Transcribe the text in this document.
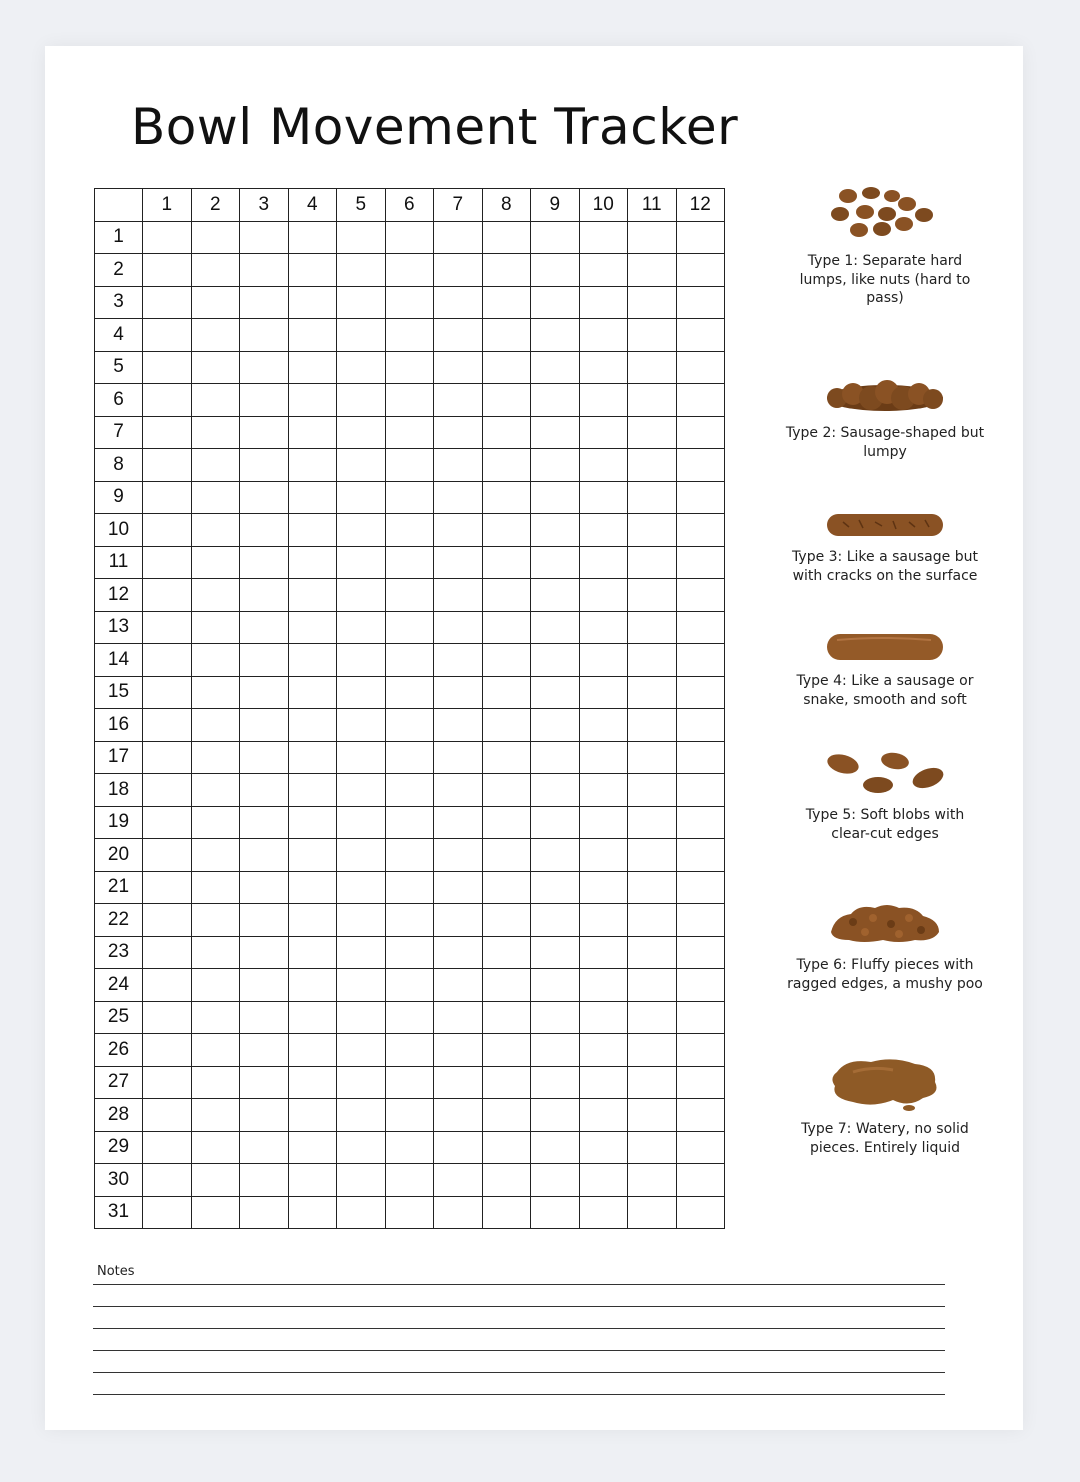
Bowl Movement Tracker
	1	2	3	4	5	6	7	8	9	10	11	12
1												
2												
3												
4												
5												
6												
7												
8												
9												
10												
11												
12												
13												
14												
15												
16												
17												
18												
19												
20												
21												
22												
23												
24												
25												
26												
27												
28												
29												
30												
31												
Type 1: Separate hard lumps, like nuts (hard to pass)
Type 2: Sausage-shaped but lumpy
Type 3: Like a sausage but with cracks on the surface
Type 4: Like a sausage or snake, smooth and soft
Type 5: Soft blobs with clear-cut edges
Type 6: Fluffy pieces with ragged edges, a mushy poo
Type 7: Watery, no solid pieces. Entirely liquid
Notes
